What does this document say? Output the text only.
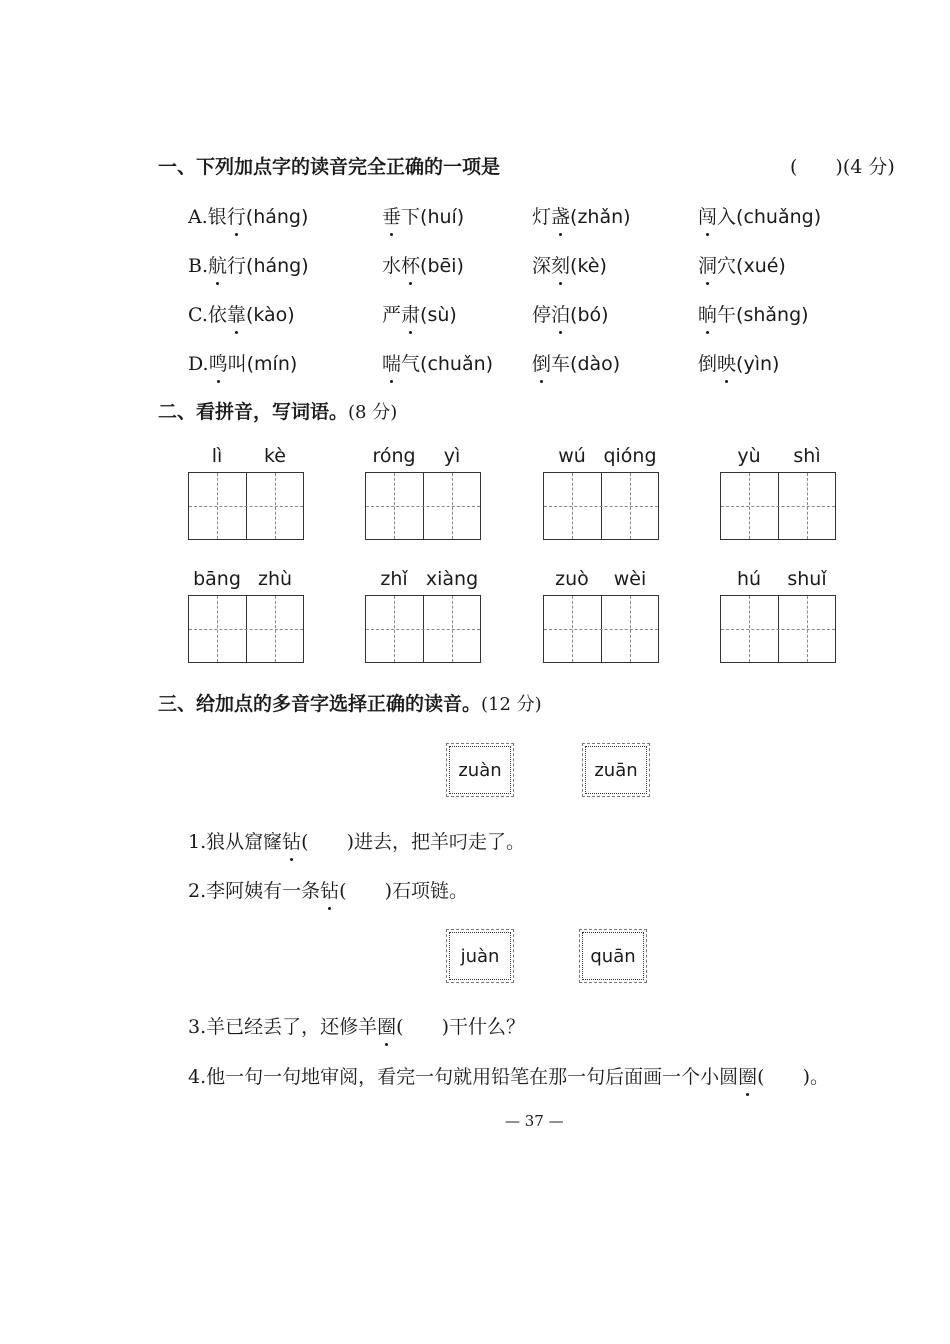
一、下列加点字的读音完全正确的一项是	(　　)(4 分)
A.银行(háng)	垂下(huí)	灯盏(zhǎn)	闯入(chuǎng)
B.航行(háng)	水杯(bēi)	深刻(kè)	洞穴(xué)
C.依靠(kào)	严肃(sù)	停泊(bó)	晌午(shǎng)
D.鸣叫(mín)	喘气(chuǎn) 倒车(dào)	倒映(yìn)
二、看拼音，写词语。(8 分)
lì	kè	róng	yì	wú qióng	yù	shì
bāng zhù	zhǐ xiàng	zuò	wèi	hú	shuǐ
三、给加点的多音字选择正确的读音。(12 分)
zuàn	zuān
1.狼从窟窿钻(　　)进去，把羊叼走了。
2.李阿姨有一条钻(　　)石项链。
juàn	quān
3.羊已经丢了，还修羊圈(　　)干什么？
4.他一句一句地审阅，看完一句就用铅笔在那一句后面画一个小圆圈(　　)。
— 37 —
